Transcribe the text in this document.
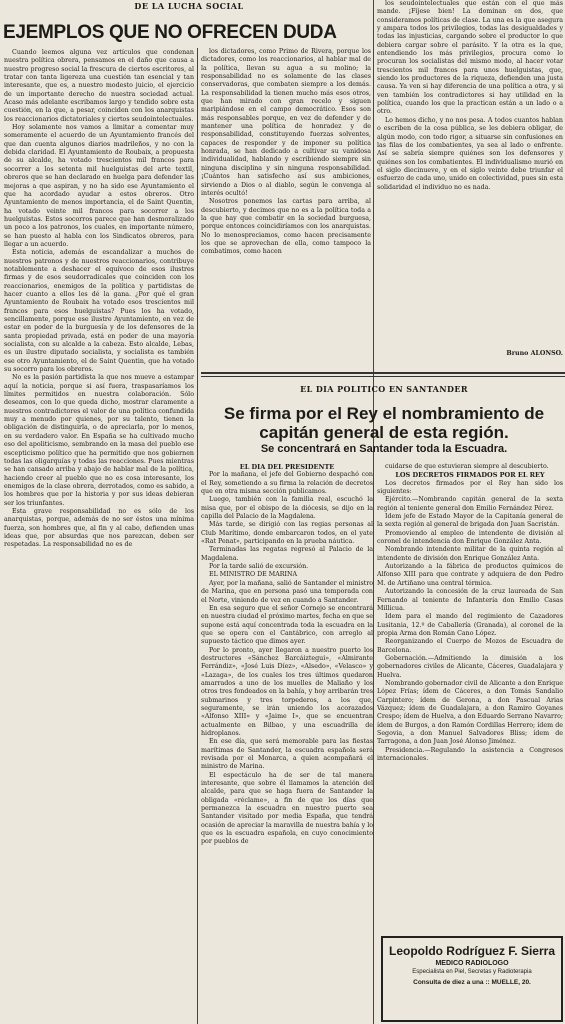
DE LA LUCHA SOCIAL
EJEMPLOS QUE NO OFRECEN DUDA

Cuando leemos alguna vez artículos que condenan nuestra política obrera, pensamos en el daño que causa a nuestro progreso social la frescura de ciertos escritores, al tratar con tanta ligereza una cuestión tan esencial y tan interesante, que es, a nuestro modesto juicio, el ejercicio de un importante derecho de nuestra sociedad actual. Acaso más adelante escribamos largo y tendido sobre esta cuestión, en la que, a pesar, coinciden con los anarquistas los reaccionarios dictatoriales y ciertos seudointelectuales.

Hoy solamente nos vamos a limitar a comentar muy someramente el acuerdo de un Ayuntamiento francés del que dan cuenta algunos diarios madrileños, y no con la debida claridad. El Ayuntamiento de Roubaix, a propuesta de su alcalde, ha votado trescientos mil francos para socorrer a los setenta mil huelguistas del arte textil, obreros que se han declarado en huelga para defender las mejoras a que aspiran, y no ha sido ese Ayuntamiento el que ha acordado ayudar a estos obreros. Otro Ayuntamiento de menos importancia, el de Saint Quentin, ha votado veinte mil francos para socorrer a los huelguistas. Estos socorros parece que han desmoralizado un poco a los patronos, los cuales, en importante número, se han puesto al habla con los Sindicatos obreros, para llegar a un acuerdo.

Esta noticia, además de escandalizar a muchos de nuestros patronos y de nuestros reaccionarios, contribuye notablemente a deshacer el equívoco de esos ilustres firmas y de esos seudorradicales que coinciden con los reaccionarios, enemigos de la política y partidistas de hacer cuanto a ellos les dé la gana. ¿Por qué el gran Ayuntamiento de Roubaix ha votado esos trescientos mil francos para esos huelguistas? Pues los ha votado, sencillamente, porque ese ilustre Ayuntamiento, en vez de estar en poder de la burguesía y de los defensores de la santa propiedad privada, está en poder de una mayoría socialista, con su alcalde a la cabeza. Esto alcalde, Lebas, es un ilustre diputado socialista, y socialista es también ese otro Ayuntamiento, el de Saint Quentin, que ha votado su socorro para los obreros.

No es la pasión partidista la que nos mueve a estampar aquí la noticia, porque si así fuera, traspasaríamos los límites permitidos en nuestra colaboración. Sólo deseamos, con lo que queda dicho, mostrar claramente a nuestros contradictores el valor de una política confundida muy a menudo por quienes, por su talento, tienen la obligación de distinguirla, o de apreciarla, por lo menos, en su verdadero valor. En España se ha cultivado mucho eso del apoliticismo, sembrando en la masa del pueblo ese escepticismo político que ha permitido que nos gobiernen todas las oligarquías y todas las reacciones. Pues mientras se han cansado arriba y abajo de hablar mal de la política, haciendo creer al pueblo que no es cosa interesante, los enemigos de la clase obrera, derrotados, como es sabido, a los hombres que por la historia y por sus ideas debieran ser los triunfantes.

Esta grave responsabilidad no es sólo de los anarquistas, porque, además de no ser éstos una mínima fuerza, son hombres que, al fin y al cabo, defienden unas ideas que, por absurdas que nos parezcan, deben ser respetadas. La responsabilidad no es de

los dictadores, como Primo de Rivera, porque los dictadores, como los reaccionarios, al hablar mal de la política, llevan su agua a su molino; la responsabilidad no es solamente de las clases conservadoras, que combaten siempre a los demás. La responsabilidad la tienen mucho más esos otros, que han mirado con gran recelo y siguen maripiándose en el campo democrático. Esos son más responsables porque, en vez de defender y de mantener una política de honradez y de responsabilidad, constituyendo fuerzas solventes, capaces de responder y de imponer su política honrada, se han dedicado a cultivar su vanidosa individualidad, hablando y escribiendo siempre sin ninguna disciplina y sin ninguna responsabilidad. ¡Cuántos han satisfecho así sus ambiciones, sirviendo a Dios o al diablo, según le convenga al interés ocultó!

Nosotros ponemos las cartas para arriba, al descubierto, y decimos que no es a la política toda a la que hay que combatir en la sociedad burguesa, porque entonces coincidiríamos con los anarquistas. No lo menospreciamos, como hacen precisamente los que se aprovechan de ella, como tampoco la combatimos, como hacen

los seudointelectuales que están con el que más mande. ¡Fíjese bien! La dominan en dos, que consideramos políticas de clase. La una es la que asegura y ampara todos los privilegios, todas las desigualdades y todas las injusticias, cargando sobre el productor lo que debiera cargar sobre el parásito. Y la otra es la que, entendiendo los más privilegios, procura como lo procuran los socialistas del mismo modo, al hacer votar trescientos mil francos para unos huelguistas, que, siendo los productores de la riqueza, defienden una justa causa. Ya ven si hay diferencia de una política a otra, y si ven también los contradictores si hay utilidad en la política, cuando los que la practican están a un lado o a otro.

Lo hemos dicho, y no nos pesa. A todos cuantos hablan o escriben de la cosa pública, se les debiera obligar, de algún modo, con todo rigor, a situarse sin confusiones en las filas de los combatientes, ya sea al lado o enfrente. Así se sabría siempre quiénes son los defensores y quiénes son los combatientes. El individualismo murió en el siglo diecinueve, y en el siglo veinte debe triunfar el esfuerzo de cada uno, unido en colectividad, pues sin esta solidaridad el individuo no es nada.

Bruno ALONSO.

EL DIA POLITICO EN SANTANDER
Se firma por el Rey el nombramiento de capitán general de esta región.
Se concentrará en Santander toda la Escuadra.

EL DIA DEL PRESIDENTE

Por la mañana, el jefe del Gobierno despachó con el Rey, sometiendo a su firma la relación de decretos que en otra misma sección publicamos.

Luego, también con la familia real, escuchó la misa que, por el obispo de la diócesis, se dijo en la capilla del Palacio de la Magdalena.

Más tarde, se dirigió con las regias personas al Club Marítimo, donde embarcaron todos, en el yate «Rat Penat», participando en la prueba náutica.

Terminadas las regatas regresó al Palacio de la Magdalena.

Por la tarde salió de excursión.

EL MINISTRO DE MARINA

Ayer, por la mañana, salió de Santander el ministro de Marina, que en persona pasó una temporada con el Norte, viniendo de vez en cuando a Santander.

En esa seguro que el señor Cornejo se encontrará en nuestra ciudad el próximo martes, fecha en que se supone está aquí concentrada toda la escuadra en la que se opera con el Cantábrico, con arreglo al supuesto táctico que dimos ayer.

Por lo pronto, ayer llegaron a nuestro puerto los destructores «Sánchez Barcáiztegui», «Almirante Ferrándiz», «José Luis Díez», «Alsedo», «Velasco» y «Lazaga», de los cuales los tres últimos quedaron amarrados a uno de los muelles de Maliaño y los otros tres fondeados en la bahía, y hoy arribarán tres submarinos y tres torpederos, a los que, seguramente, se irán uniendo los acorazados «Alfonso XIII» y «Jaime I», que se encuentran actualmente en Bilbao, y una escuadrilla de hidroplanos.

En ese día, que será memorable para las fiestas marítimas de Santander, la escuadra española será revisada por el Monarca, a quien acompañará el ministro de Marina.

El espectáculo ha de ser de tal manera interesante, que sobre él llamamos la atención del alcalde, para que se haga fuera de Santander la obligada «réclame», a fin de que los días que permanezca la escuadra en nuestro puerto sea Santander visitado por media España, que tendrá ocasión de apreciar la maravilla de nuestra bahía y lo que es la escuadra española, en cuyo conocimiento por pueblos de

cuidarse de que estuvieran siempre al descubierto.

LOS DECRETOS FIRMADOS POR EL REY

Los decretos firmados por el Rey han sido los siguientes:

Ejército.—Nombrando capitán general de la sexta región al teniente general don Emilio Fernández Pérez.

Idem jefe de Estado Mayor de la Capitanía general de la sexta región al general de brigada don Juan Sacristán.

Promoviendo al empleo de intendente de división al coronel de intendencia don Enrique González Anta.

Nombrando intendente militar de la quinta región al intendente de división don Enrique González Anta.

Autorizando a la fábrica de productos químicos de Alfonso XIII para que contrate y adquiera de don Pedro M. de Artiñano una central térmica.

Autorizando la concesión de la cruz laureada de San Fernando al teniente de Infantería don Emilio Casas Millicua.

Idem para el mando del regimiento de Cazadores Lusitania, 12.º de Caballería (Granada), al coronel de la propia Arma don Román Cano López.

Reorganizando el Cuerpo de Mozos de Escuadra de Barcelona.

Gobernación.—Admitiendo la dimisión a los gobernadores civiles de Alicante, Cáceres, Guadalajara y Huelva.

Nombrando gobernador civil de Alicante a don Enrique López Frías; ídem de Cáceres, a don Tomás Sandalio Carpintero; ídem de Gerona, a don Pascual Arias Vázquez; ídem de Guadalajara, a don Ramiro Goyanes Crespo; ídem de Huelva, a don Eduardo Serrano Navarro; ídem de Burgos, a don Ramón Cordillas Herrero; ídem de Segovia, a don Manuel Salvadores Bliss; ídem de Tarragona, a don Juan José Alonso Jiménez.

Presidencia.—Regulando la asistencia a Congresos internacionales.

Leopoldo Rodríguez F. Sierra
MEDICO RADIOLOGO
Especialista en Piel, Secretas y Radioterapia
Consulta de diez a una :: MUELLE, 20.
